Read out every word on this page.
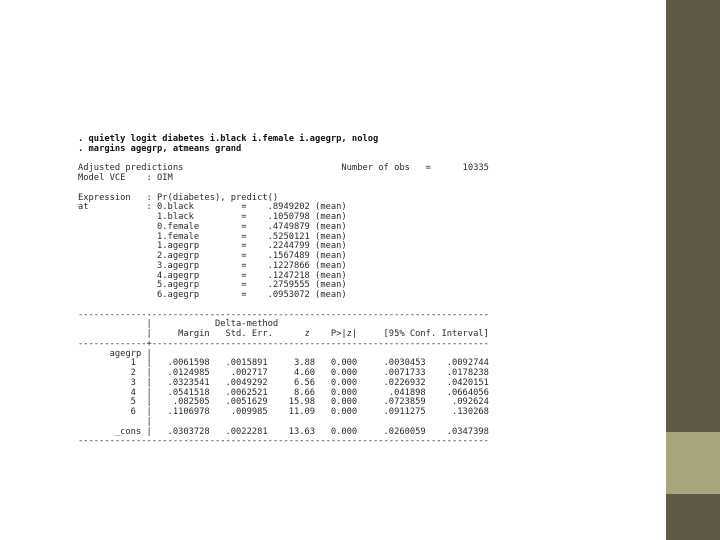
. quietly logit diabetes i.black i.female i.agegrp, nolog
. margins agegrp, atmeans grand
Adjusted predictions                              Number of obs   =      10335
Model VCE    : OIM
Expression   : Pr(diabetes), predict()
at           : 0.black         =    .8949202 (mean)
1.black         =    .1050798 (mean)
0.female        =    .4749879 (mean)
1.female        =    .5250121 (mean)
1.agegrp        =    .2244799 (mean)
2.agegrp        =    .1567489 (mean)
3.agegrp        =    .1227866 (mean)
4.agegrp        =    .1247218 (mean)
5.agegrp        =    .2759555 (mean)
6.agegrp        =    .0953072 (mean)
------------------------------------------------------------------------------
|            Delta-method
|     Margin   Std. Err.      z    P>|z|     [95% Conf. Interval]
-------------+----------------------------------------------------------------
agegrp |
1  |   .0061598   .0015891     3.88   0.000     .0030453    .0092744
2  |   .0124985    .002717     4.60   0.000     .0071733    .0178238
3  |   .0323541   .0049292     6.56   0.000     .0226932    .0420151
4  |   .0541518   .0062521     8.66   0.000      .041898    .0664056
5  |    .082505   .0051629    15.98   0.000     .0723859     .092624
6  |   .1106978    .009985    11.09   0.000     .0911275     .130268
|
_cons |   .0303728   .0022281    13.63   0.000     .0260059    .0347398
------------------------------------------------------------------------------
